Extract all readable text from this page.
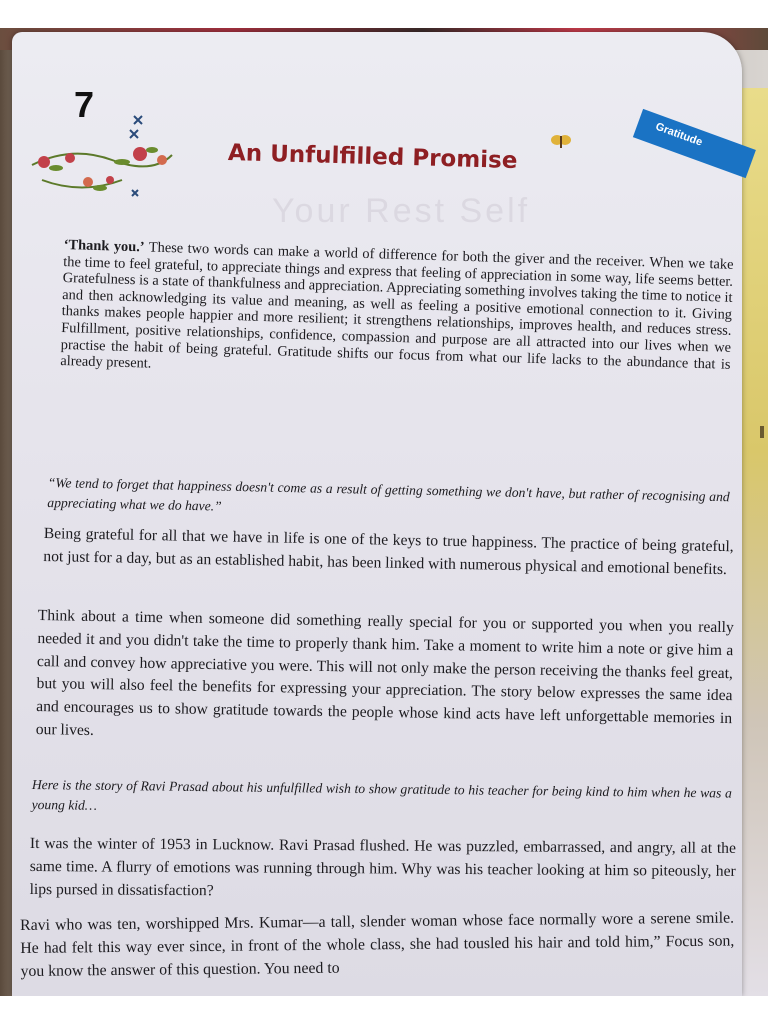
Your Rest Self
7
An Unfulfilled Promise
Gratitude

‘Thank you.’ These two words can make a world of difference for both the giver and the receiver. When we take the time to feel grateful, to appreciate things and express that feeling of appreciation in some way, life seems better. Gratefulness is a state of thankfulness and appreciation. Appreciating something involves taking the time to notice it and then acknowledging its value and meaning, as well as feeling a positive emotional connection to it. Giving thanks makes people happier and more resilient; it strengthens relationships, improves health, and reduces stress. Fulfillment, positive relationships, confidence, compassion and purpose are all attracted into our lives when we practise the habit of being grateful. Gratitude shifts our focus from what our life lacks to the abundance that is already present.

“We tend to forget that happiness doesn't come as a result of getting something we don't have, but rather of recognising and appreciating what we do have.”

Being grateful for all that we have in life is one of the keys to true happiness. The practice of being grateful, not just for a day, but as an established habit, has been linked with numerous physical and emotional benefits.

Think about a time when someone did something really special for you or supported you when you really needed it and you didn't take the time to properly thank him. Take a moment to write him a note or give him a call and convey how appreciative you were. This will not only make the person receiving the thanks feel great, but you will also feel the benefits for expressing your appreciation. The story below expresses the same idea and encourages us to show gratitude towards the people whose kind acts have left unforgettable memories in our lives.

Here is the story of Ravi Prasad about his unfulfilled wish to show gratitude to his teacher for being kind to him when he was a young kid…

It was the winter of 1953 in Lucknow. Ravi Prasad flushed. He was puzzled, embarrassed, and angry, all at the same time. A flurry of emotions was running through him. Why was his teacher looking at him so piteously, her lips pursed in dissatisfaction?

Ravi who was ten, worshipped Mrs. Kumar—a tall, slender woman whose face normally wore a serene smile. He had felt this way ever since, in front of the whole class, she had tousled his hair and told him,” Focus son, you know the answer of this question. You need to
